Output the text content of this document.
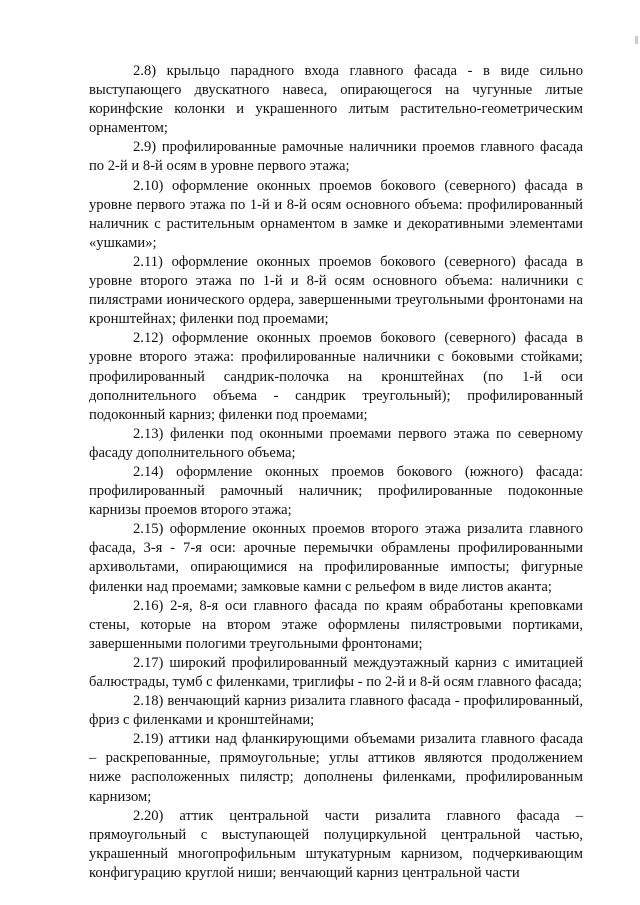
2.8) крыльцо парадного входа главного фасада - в виде сильно выступающего двускатного навеса, опирающегося на чугунные литые коринфские колонки и украшенного литым растительно-геометрическим орнаментом;

2.9) профилированные рамочные наличники проемов главного фасада по 2-й и 8-й осям в уровне первого этажа;

2.10) оформление оконных проемов бокового (северного) фасада в уровне первого этажа по 1-й и 8-й осям основного объема: профилированный наличник с растительным орнаментом в замке и декоративными элементами «ушками»;

2.11) оформление оконных проемов бокового (северного) фасада в уровне второго этажа по 1-й и 8-й осям основного объема: наличники с пилястрами ионического ордера, завершенными треугольными фронтонами на кронштейнах; филенки под проемами;

2.12) оформление оконных проемов бокового (северного) фасада в уровне второго этажа: профилированные наличники с боковыми стойками; профилированный сандрик-полочка на кронштейнах (по 1-й оси дополнительного объема - сандрик треугольный); профилированный подоконный карниз; филенки под проемами;

2.13) филенки под оконными проемами первого этажа по северному фасаду дополнительного объема;

2.14) оформление оконных проемов бокового (южного) фасада: профилированный рамочный наличник; профилированные подоконные карнизы проемов второго этажа;

2.15) оформление оконных проемов второго этажа ризалита главного фасада, 3-я - 7-я оси: арочные перемычки обрамлены профилированными архивольтами, опирающимися на профилированные импосты; фигурные филенки над проемами; замковые камни с рельефом в виде листов аканта;

2.16) 2-я, 8-я оси главного фасада по краям обработаны креповками стены, которые на втором этаже оформлены пилястровыми портиками, завершенными пологими треугольными фронтонами;

2.17) широкий профилированный междуэтажный карниз с имитацией балюстрады, тумб с филенками, триглифы - по 2-й и 8-й осям главного фасада;

2.18) венчающий карниз ризалита главного фасада - профилированный, фриз с филенками и кронштейнами;

2.19) аттики над фланкирующими объемами ризалита главного фасада – раскрепованные, прямоугольные; углы аттиков являются продолжением ниже расположенных пилястр; дополнены филенками, профилированным карнизом;

2.20) аттик центральной части ризалита главного фасада – прямоугольный с выступающей полуциркульной центральной частью, украшенный многопрофильным штукатурным карнизом, подчеркивающим конфигурацию круглой ниши; венчающий карниз центральной части
